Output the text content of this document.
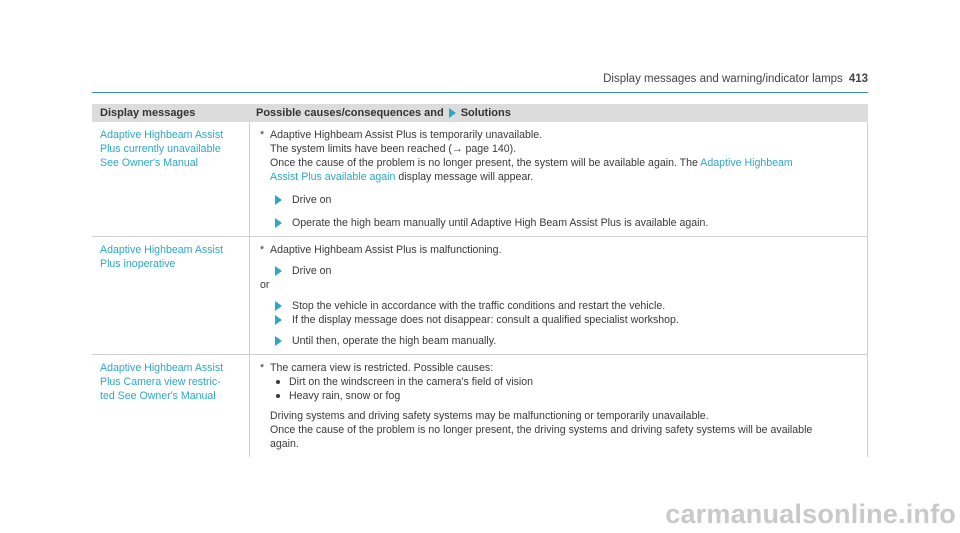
Display messages and warning/indicator lamps 413
Display messages	Possible causes/consequences and Solutions
Adaptive Highbeam Assist
Plus currently unavailable
See Owner's Manual
* Adaptive Highbeam Assist Plus is temporarily unavailable.
The system limits have been reached (→ page 140).
Once the cause of the problem is no longer present, the system will be available again. The Adaptive Highbeam
Assist Plus available again display message will appear.
Drive on
Operate the high beam manually until Adaptive High Beam Assist Plus is available again.
Adaptive Highbeam Assist
Plus inoperative
* Adaptive Highbeam Assist Plus is malfunctioning.
Drive on
or
Stop the vehicle in accordance with the traffic conditions and restart the vehicle.
If the display message does not disappear: consult a qualified specialist workshop.
Until then, operate the high beam manually.
Adaptive Highbeam Assist
Plus Camera view restric-
ted See Owner's Manual
* The camera view is restricted. Possible causes:
Dirt on the windscreen in the camera's field of vision
Heavy rain, snow or fog
Driving systems and driving safety systems may be malfunctioning or temporarily unavailable.
Once the cause of the problem is no longer present, the driving systems and driving safety systems will be available
again.
carmanualsonline.info
